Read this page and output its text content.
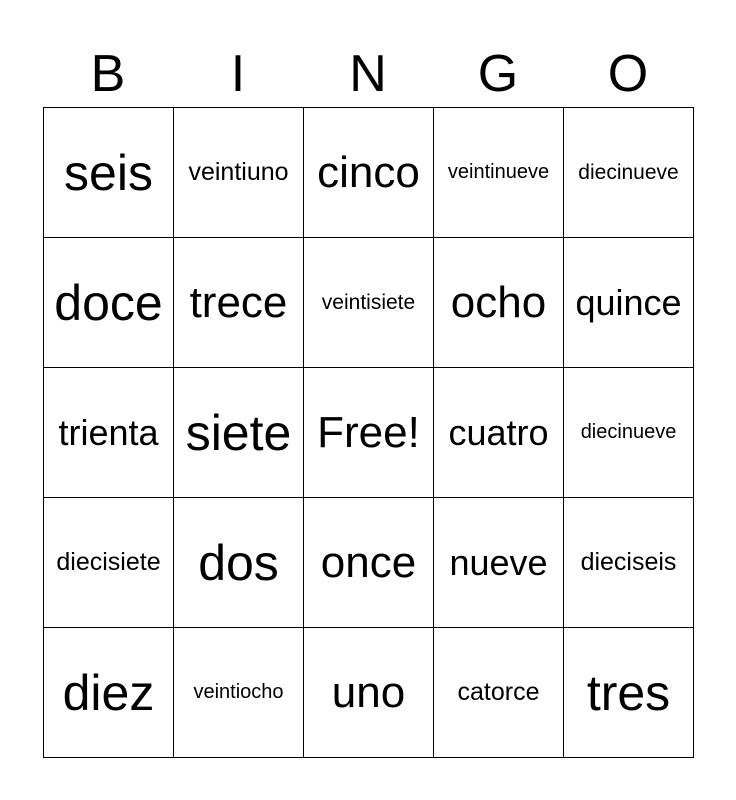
B	I	N	G	O
seis veintiuno cinco veintinueve diecinueve
doce trece veintisiete ocho quince
trienta siete Free! cuatro diecinueve
diecisiete dos once nueve dieciseis
diez veintiocho uno catorce tres
